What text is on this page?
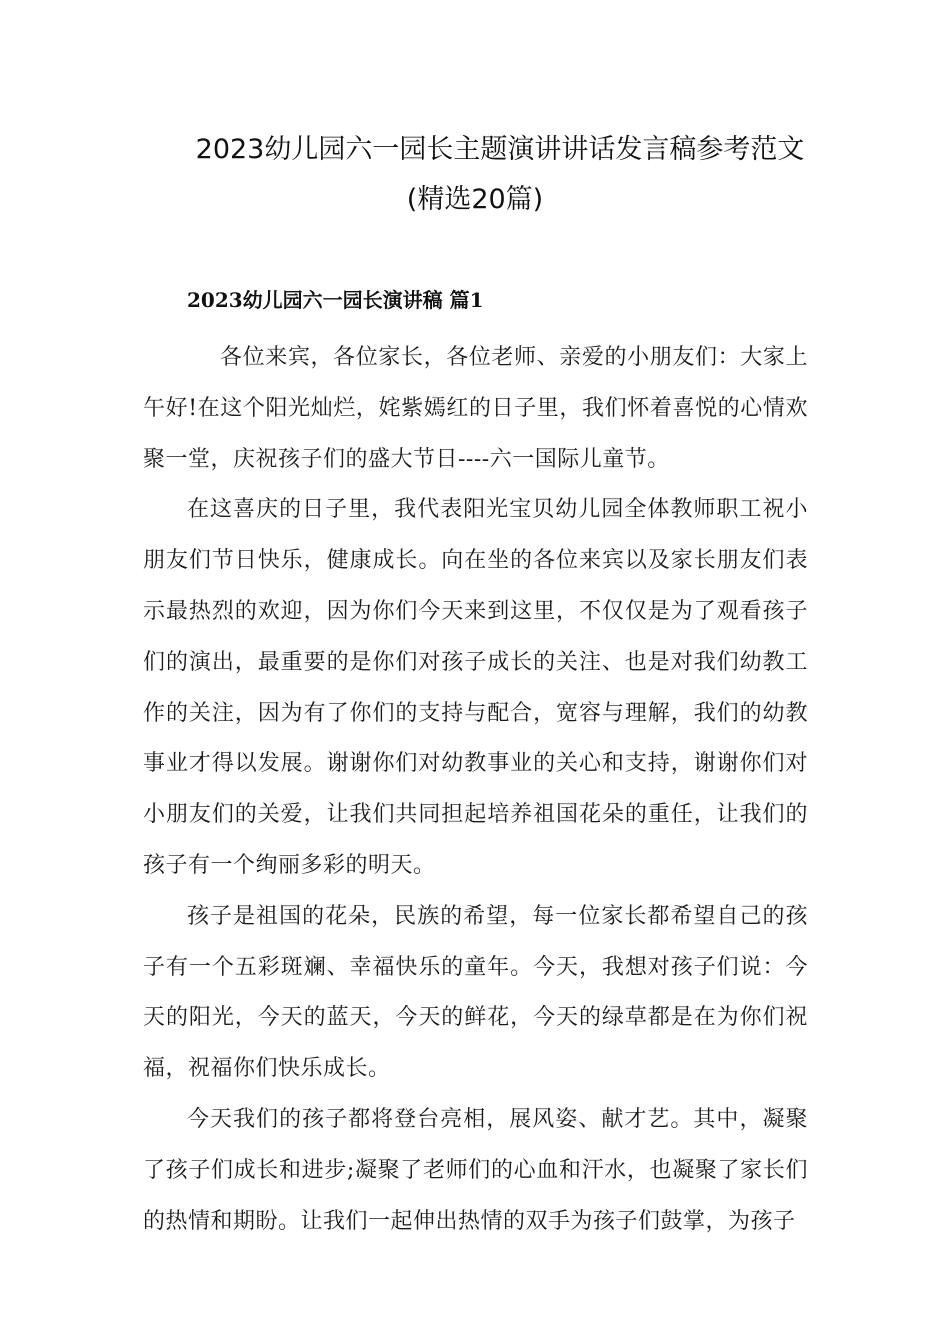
2023幼儿园六一园长主题演讲讲话发言稿参考范文
(精选20篇)
2023幼儿园六一园长演讲稿 篇1

各位来宾，各位家长，各位老师、亲爱的小朋友们：大家上午好!在这个阳光灿烂，姹紫嫣红的日子里，我们怀着喜悦的心情欢聚一堂，庆祝孩子们的盛大节日----六一国际儿童节。

在这喜庆的日子里，我代表阳光宝贝幼儿园全体教师职工祝小朋友们节日快乐，健康成长。向在坐的各位来宾以及家长朋友们表示最热烈的欢迎，因为你们今天来到这里，不仅仅是为了观看孩子们的演出，最重要的是你们对孩子成长的关注、也是对我们幼教工作的关注，因为有了你们的支持与配合，宽容与理解，我们的幼教事业才得以发展。谢谢你们对幼教事业的关心和支持，谢谢你们对小朋友们的关爱，让我们共同担起培养祖国花朵的重任，让我们的孩子有一个绚丽多彩的明天。

孩子是祖国的花朵，民族的希望，每一位家长都希望自己的孩子有一个五彩斑斓、幸福快乐的童年。今天，我想对孩子们说：今天的阳光，今天的蓝天，今天的鲜花，今天的绿草都是在为你们祝福，祝福你们快乐成长。

今天我们的孩子都将登台亮相，展风姿、献才艺。其中，凝聚了孩子们成长和进步;凝聚了老师们的心血和汗水，也凝聚了家长们的热情和期盼。让我们一起伸出热情的双手为孩子们鼓掌，为孩子
